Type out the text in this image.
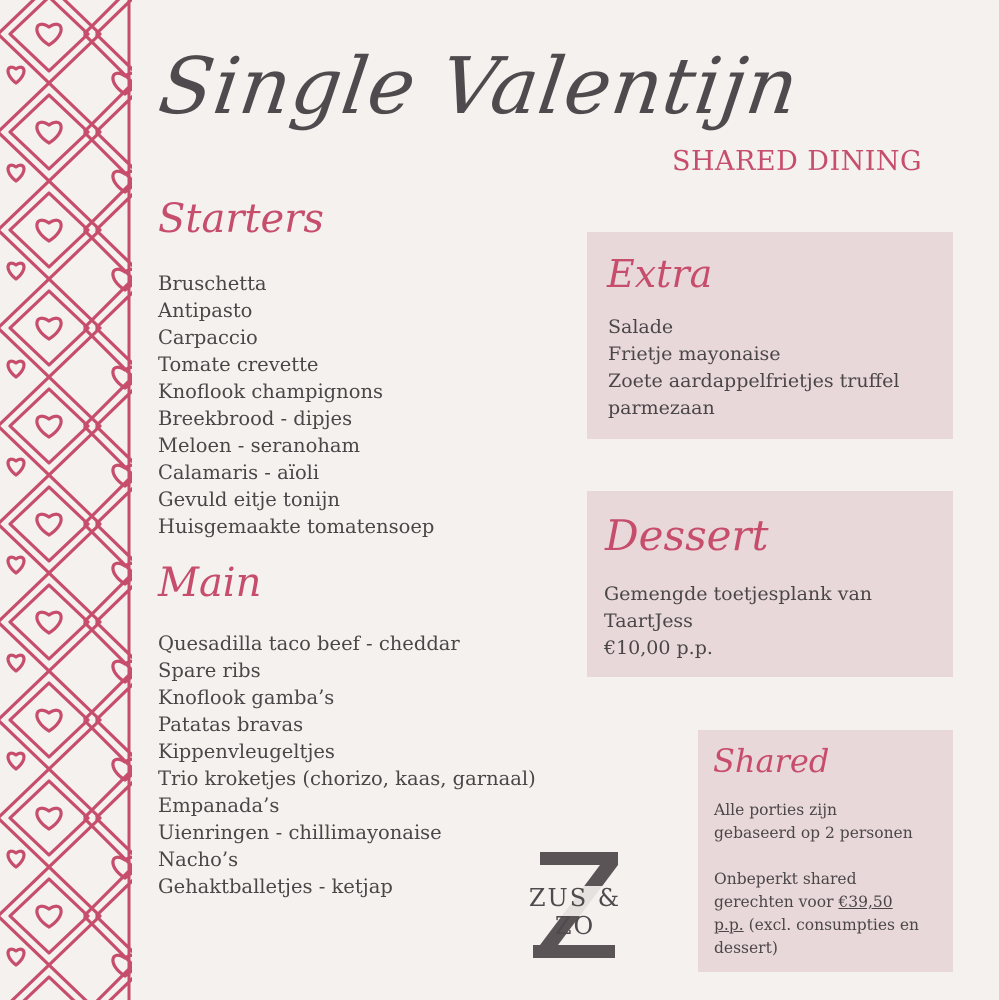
Single Valentijn
SHARED DINING
Starters
Bruschetta
Antipasto
Carpaccio
Tomate crevette
Knoflook champignons
Breekbrood - dipjes
Meloen - seranoham
Calamaris - aïoli
Gevuld eitje tonijn
Huisgemaakte tomatensoep
Main
Quesadilla taco beef - cheddar
Spare ribs
Knoflook gamba’s
Patatas bravas
Kippenvleugeltjes
Trio kroketjes (chorizo, kaas, garnaal)
Empanada’s
Uienringen - chillimayonaise
Nacho’s
Gehaktballetjes - ketjap
Extra
Salade
Frietje mayonaise
Zoete aardappelfrietjes truffel
parmezaan
Dessert
Gemengde toetjesplank van
TaartJess
€10,00 p.p.
Shared
Alle porties zijn
gebaseerd op 2 personen
Onbeperkt shared
gerechten voor €39,50
p.p. (excl. consumpties en
dessert)
ZUS & ZO
